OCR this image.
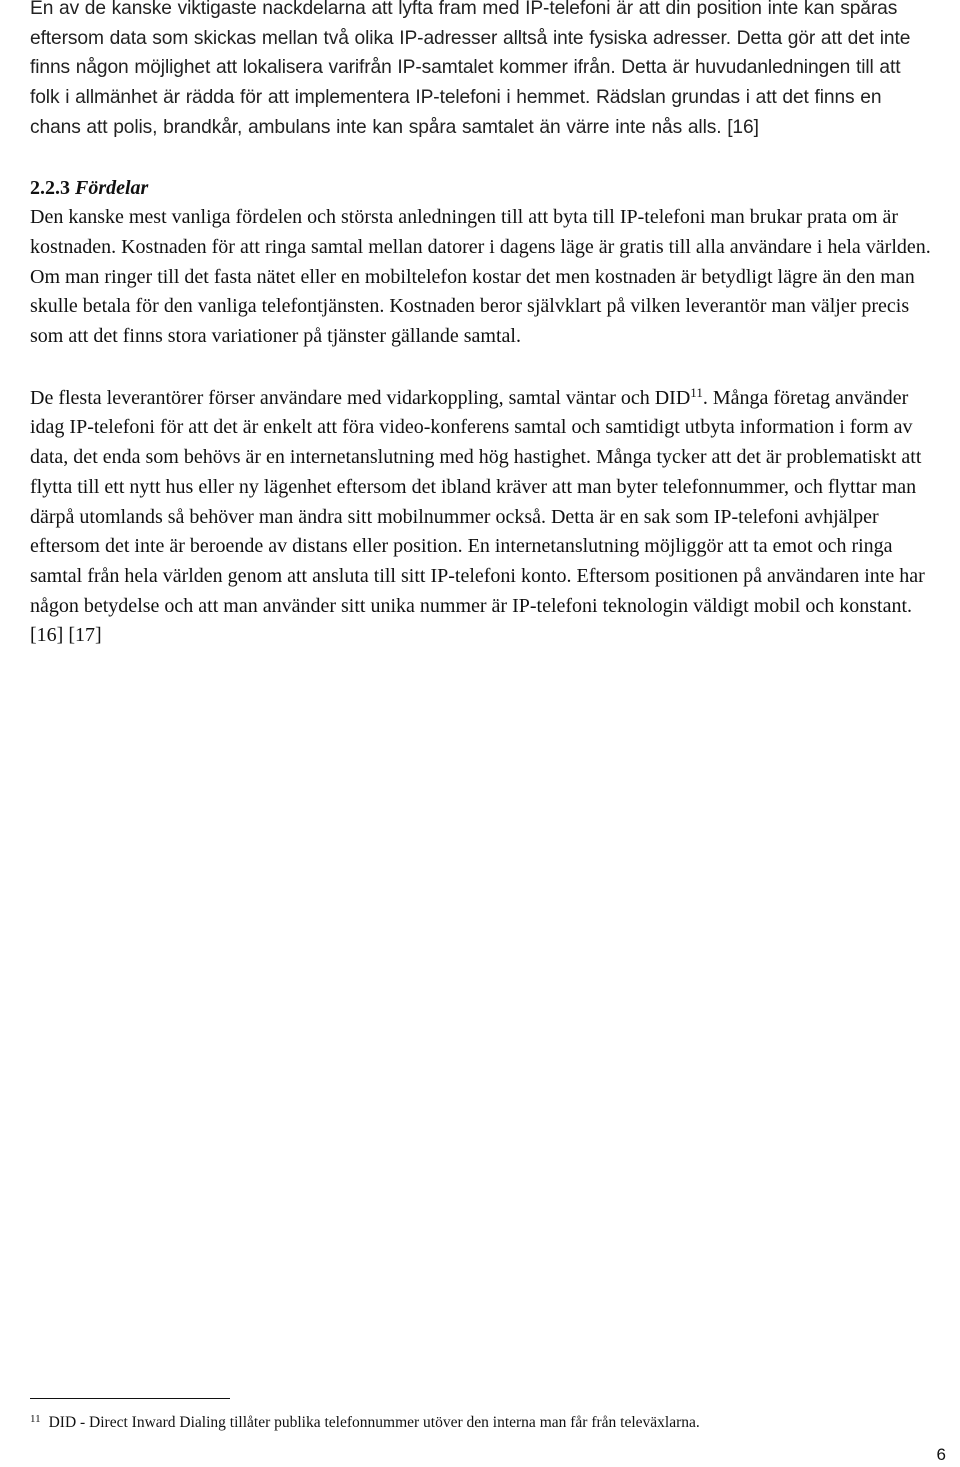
En av de kanske viktigaste nackdelarna att lyfta fram med IP-telefoni är att din position inte kan spåras eftersom data som skickas mellan två olika IP-adresser alltså inte fysiska adresser. Detta gör att det inte finns någon möjlighet att lokalisera varifrån IP-samtalet kommer ifrån. Detta är huvudanledningen till att folk i allmänhet är rädda för att implementera IP-telefoni i hemmet. Rädslan grundas i att det finns en chans att polis, brandkår, ambulans inte kan spåra samtalet än värre inte nås alls. [16]

2.2.3 Fördelar

Den kanske mest vanliga fördelen och största anledningen till att byta till IP-telefoni man brukar prata om är kostnaden. Kostnaden för att ringa samtal mellan datorer i dagens läge är gratis till alla användare i hela världen. Om man ringer till det fasta nätet eller en mobiltelefon kostar det men kostnaden är betydligt lägre än den man skulle betala för den vanliga telefontjänsten. Kostnaden beror självklart på vilken leverantör man väljer precis som att det finns stora variationer på tjänster gällande samtal.

De flesta leverantörer förser användare med vidarkoppling, samtal väntar och DID$^{11}$. Många företag använder idag IP-telefoni för att det är enkelt att föra video-konferens samtal och samtidigt utbyta information i form av data, det enda som behövs är en internetanslutning med hög hastighet. Många tycker att det är problematiskt att flytta till ett nytt hus eller ny lägenhet eftersom det ibland kräver att man byter telefonnummer, och flyttar man därpå utomlands så behöver man ändra sitt mobilnummer också. Detta är en sak som IP-telefoni avhjälper eftersom det inte är beroende av distans eller position. En internetanslutning möjliggör att ta emot och ringa samtal från hela världen genom att ansluta till sitt IP-telefoni konto. Eftersom positionen på användaren inte har någon betydelse och att man använder sitt unika nummer är IP-telefoni teknologin väldigt mobil och konstant. [16] [17]

$^{11}$ DID - Direct Inward Dialing tillåter publika telefonnummer utöver den interna man får från televäxlarna.
6
